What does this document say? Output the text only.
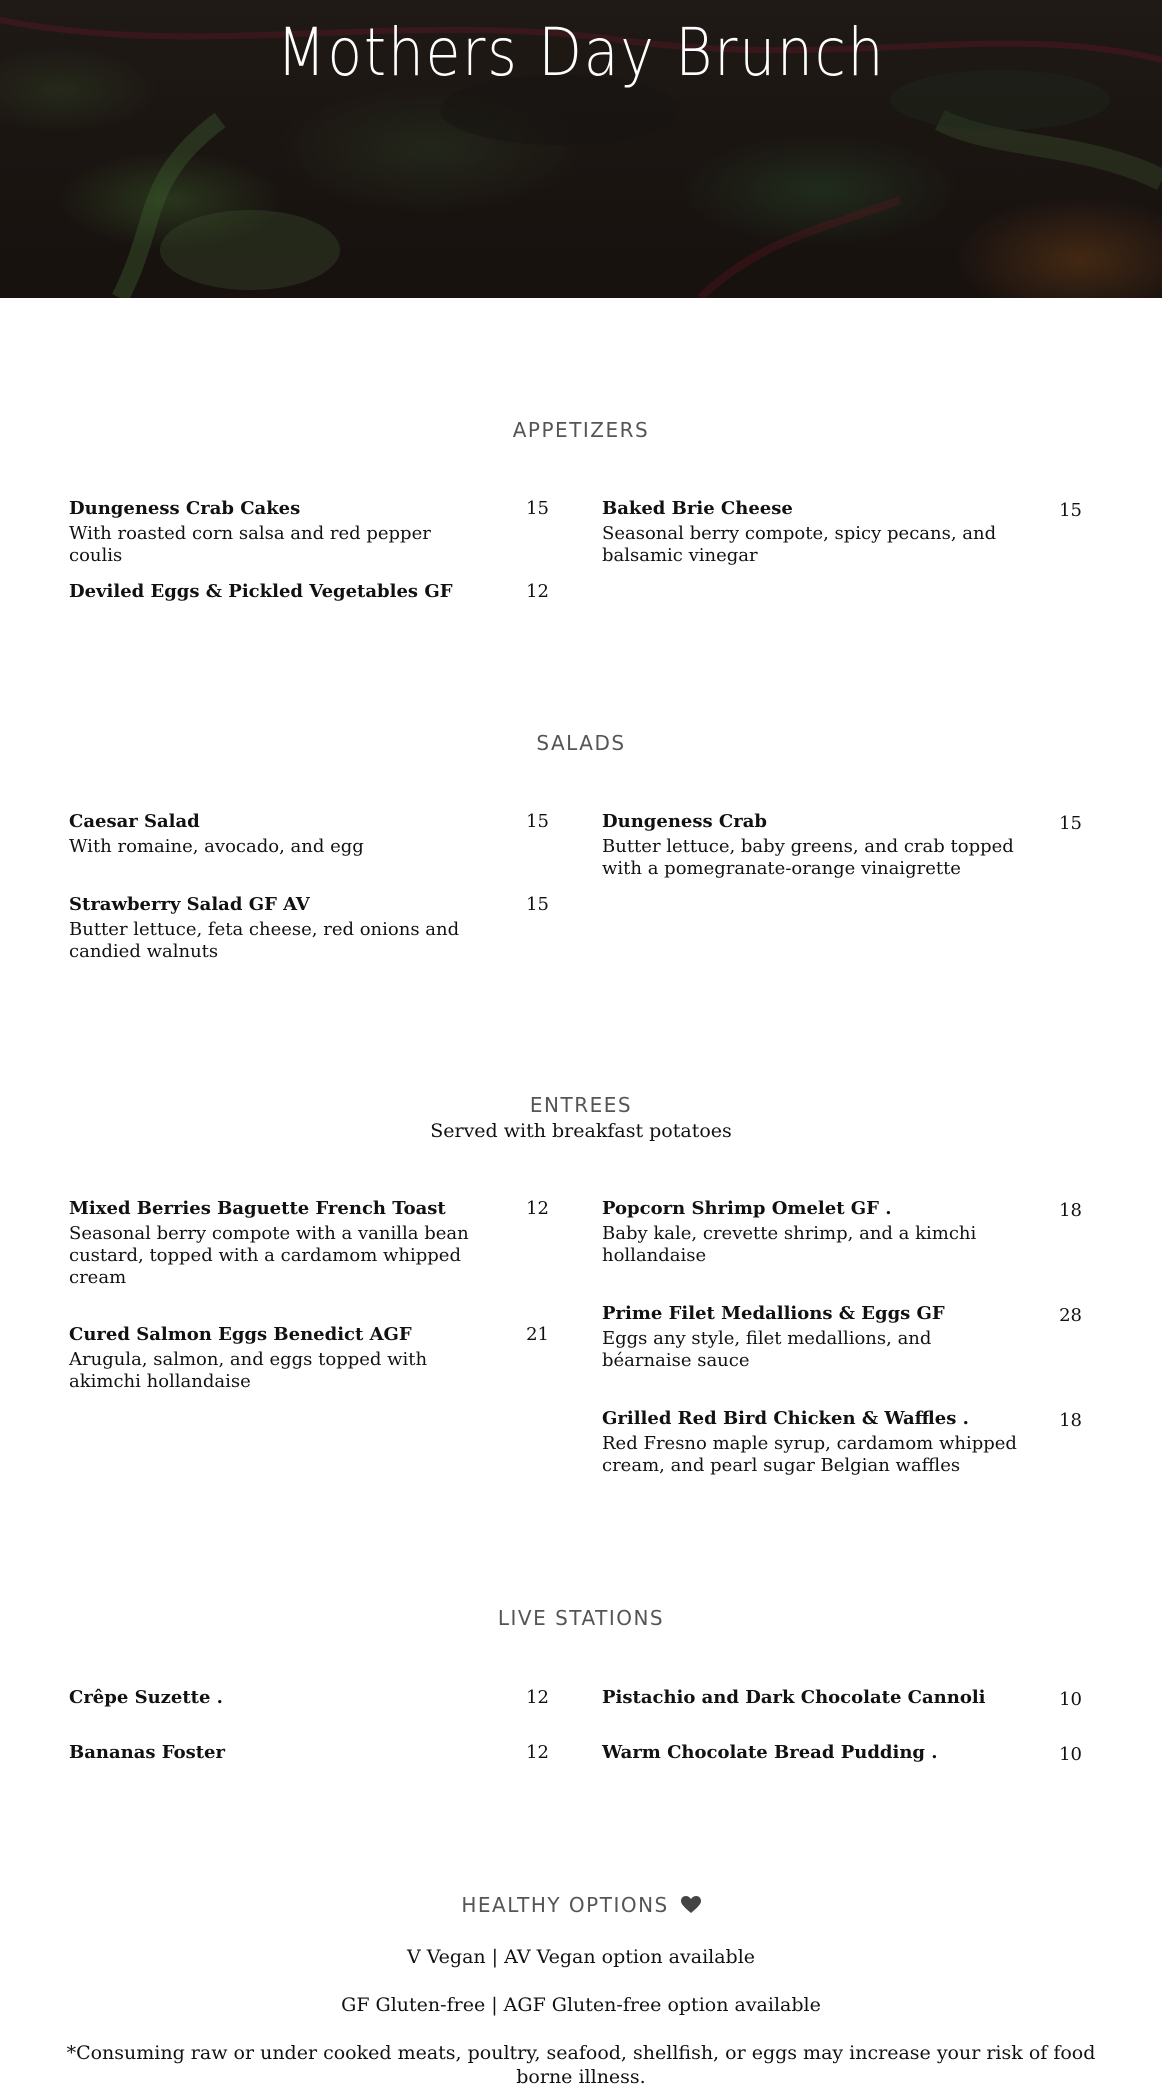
Mothers Day Brunch
APPETIZERS
Dungeness Crab Cakes	15
With roasted corn salsa and red pepper coulis
Deviled Eggs & Pickled Vegetables GF	12
Baked Brie Cheese	15
Seasonal berry compote, spicy pecans, and balsamic vinegar
SALADS
Caesar Salad	15
With romaine, avocado, and egg
Strawberry Salad GF AV	15
Butter lettuce, feta cheese, red onions and candied walnuts
Dungeness Crab	15
Butter lettuce, baby greens, and crab topped with a pomegranate-orange vinaigrette
ENTREES

Served with breakfast potatoes

Mixed Berries Baguette French Toast	12
Seasonal berry compote with a vanilla bean custard, topped with a cardamom whipped cream
Cured Salmon Eggs Benedict AGF	21
Arugula, salmon, and eggs topped with akimchi hollandaise
Popcorn Shrimp Omelet GF .	18
Baby kale, crevette shrimp, and a kimchi hollandaise
Prime Filet Medallions & Eggs GF	28
Eggs any style, filet medallions, and béarnaise sauce
Grilled Red Bird Chicken & Waffles .	18
Red Fresno maple syrup, cardamom whipped cream, and pearl sugar Belgian waffles
LIVE STATIONS
Crêpe Suzette .	12
Bananas Foster	12
Pistachio and Dark Chocolate Cannoli	10
Warm Chocolate Bread Pudding .	10
HEALTHY OPTIONS

V Vegan | AV Vegan option available

GF Gluten-free | AGF Gluten-free option available

*Consuming raw or under cooked meats, poultry, seafood, shellfish, or eggs may increase your risk of food borne illness.
